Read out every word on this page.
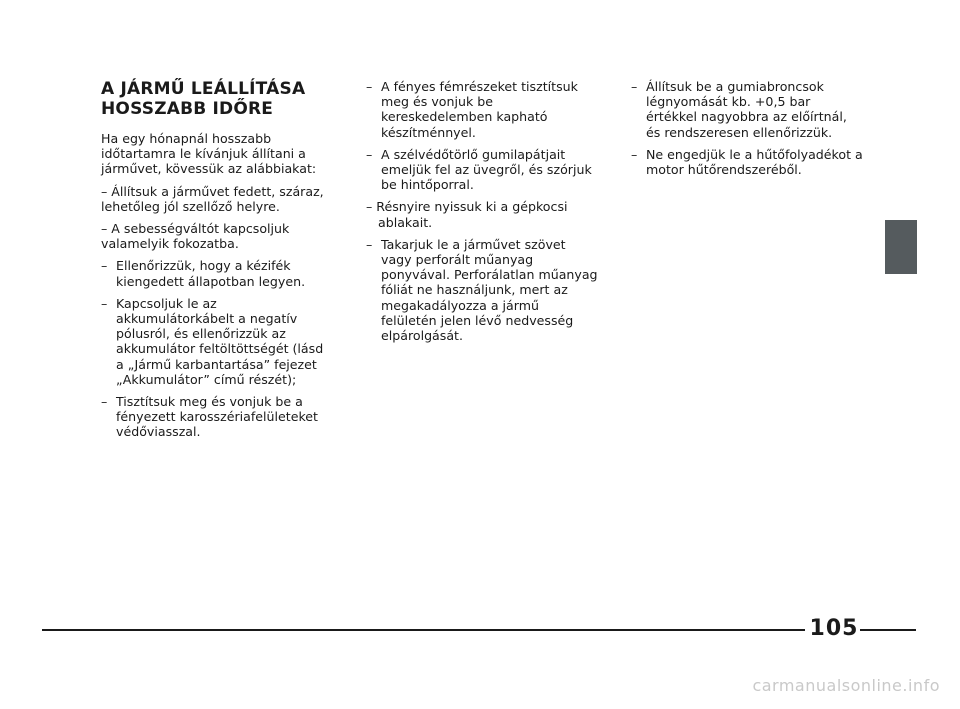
A JÁRMŰ LEÁLLÍTÁSA
HOSSZABB IDŐRE

Ha egy hónapnál hosszabb időtartamra le kívánjuk állítani a járművet, kövessük az alábbiakat:

– Állítsuk a járművet fedett, száraz, lehetőleg jól szellőző helyre.

– A sebességváltót kapcsoljuk valamelyik fokozatba.

– Ellenőrizzük, hogy a kézifék kiengedett állapotban legyen.
– Kapcsoljuk le az akkumulátorkábelt a negatív pólusról, és ellenőrizzük az akkumulátor feltöltöttségét (lásd a „Jármű karbantartása” fejezet „Akkumulátor” című részét);
– Tisztítsuk meg és vonjuk be a fényezett karosszériafelületeket védőviasszal.
– A fényes fémrészeket tisztítsuk meg és vonjuk be kereskedelemben kapható készítménnyel.
– A szélvédőtörlő gumilapátjait emeljük fel az üvegről, és szórjuk be hintőporral.

– Résnyire nyissuk ki a gépkocsi ablakait.

– Takarjuk le a járművet szövet vagy perforált műanyag ponyvával. Perforálatlan műanyag fóliát ne használjunk, mert az megakadályozza a jármű felületén jelen lévő nedvesség elpárolgását.
– Állítsuk be a gumiabroncsok légnyomását kb. +0,5 bar értékkel nagyobbra az előírtnál, és rendszeresen ellenőrizzük.
– Ne engedjük le a hűtőfolyadékot a motor hűtőrendszeréből.
105
carmanualsonline.info
